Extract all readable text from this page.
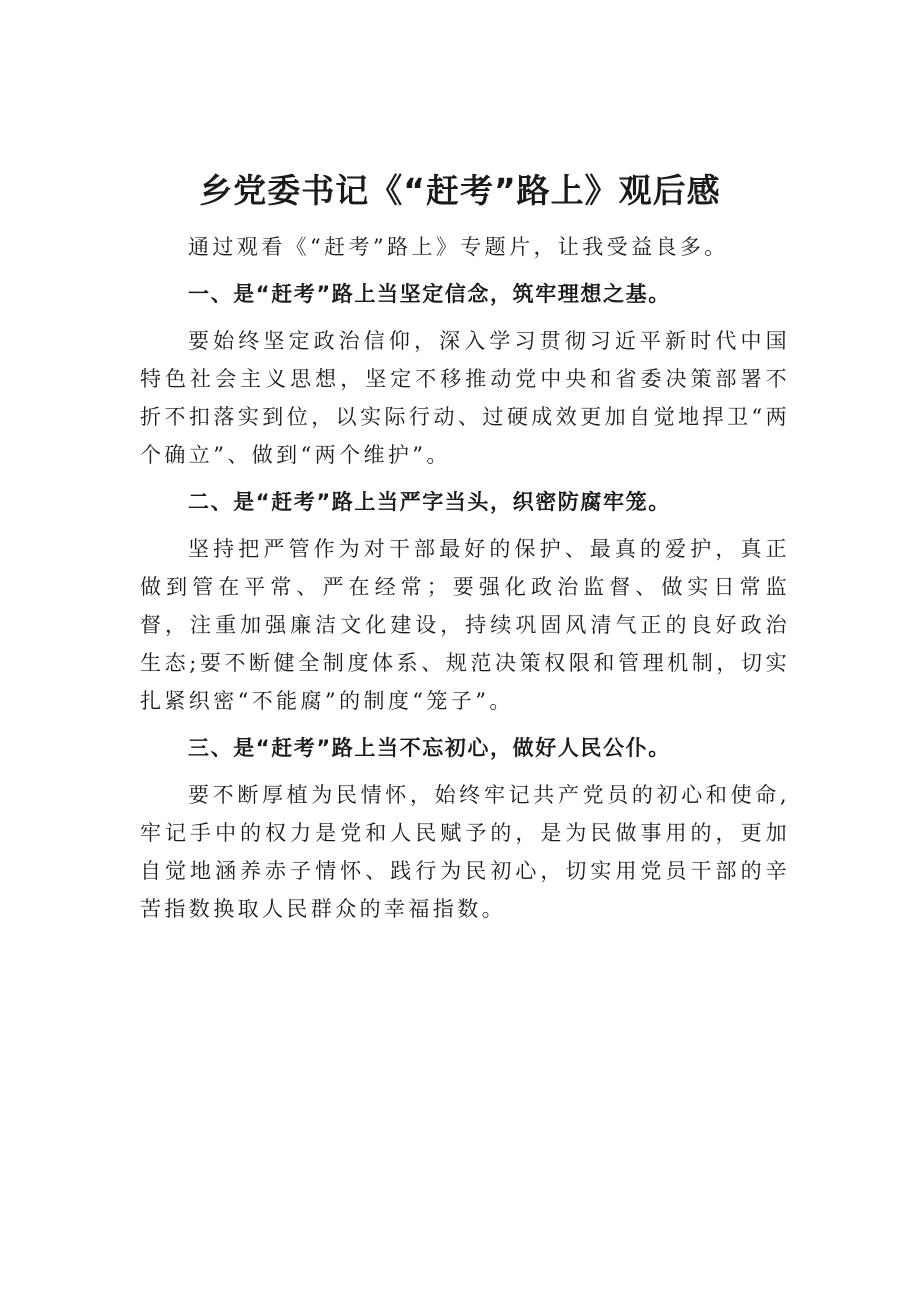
乡党委书记《“赶考”路上》观后感

通过观看《“赶考”路上》专题片，让我受益良多。

一、是“赶考”路上当坚定信念，筑牢理想之基。

要始终坚定政治信仰，深入学习贯彻习近平新时代中国特色社会主义思想，坚定不移推动党中央和省委决策部署不折不扣落实到位，以实际行动、过硬成效更加自觉地捍卫“两个确立”、做到“两个维护”。

二、是“赶考”路上当严字当头，织密防腐牢笼。

坚持把严管作为对干部最好的保护、最真的爱护，真正做到管在平常、严在经常；要强化政治监督、做实日常监督，注重加强廉洁文化建设，持续巩固风清气正的良好政治生态;要不断健全制度体系、规范决策权限和管理机制，切实扎紧织密“不能腐”的制度“笼子”。

三、是“赶考”路上当不忘初心，做好人民公仆。

要不断厚植为民情怀，始终牢记共产党员的初心和使命,牢记手中的权力是党和人民赋予的，是为民做事用的，更加自觉地涵养赤子情怀、践行为民初心，切实用党员干部的辛苦指数换取人民群众的幸福指数。
